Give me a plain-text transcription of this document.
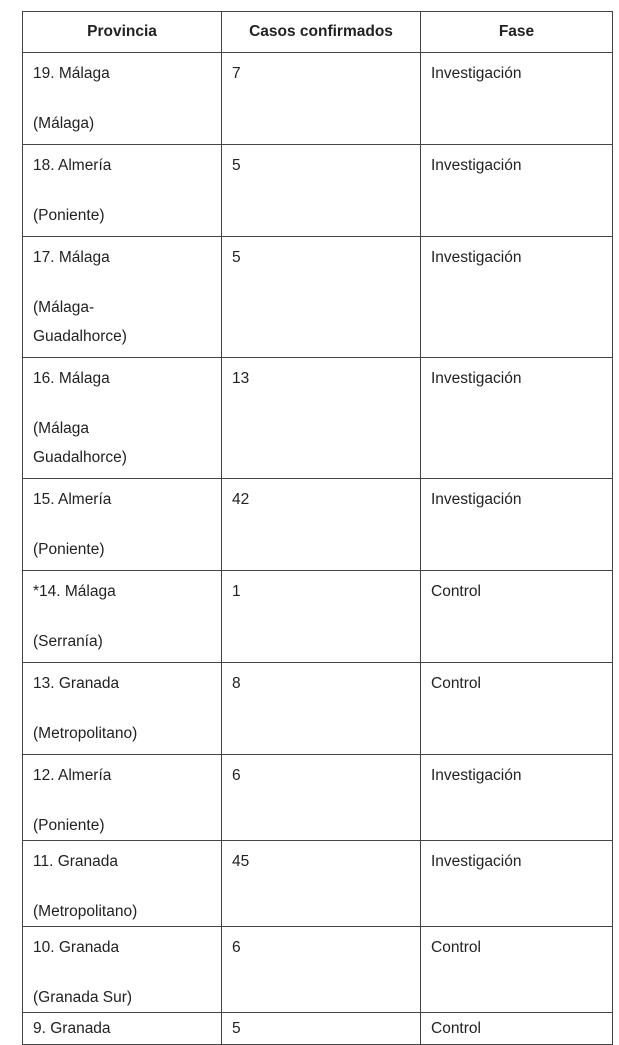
Provincia	Casos confirmados	Fase

19. Málaga
(Málaga)	7	Investigación

18. Almería
(Poniente)	5	Investigación

17. Málaga
(Málaga-
Guadalhorce)	5	Investigación

16. Málaga
(Málaga
Guadalhorce)	13	Investigación

15. Almería
(Poniente)	42	Investigación

*14. Málaga
(Serranía)	1	Control

13. Granada
(Metropolitano)	8	Control

12. Almería
(Poniente)	6	Investigación

11. Granada
(Metropolitano)	45	Investigación

10. Granada
(Granada Sur)	6	Control

9. Granada	5	Control
